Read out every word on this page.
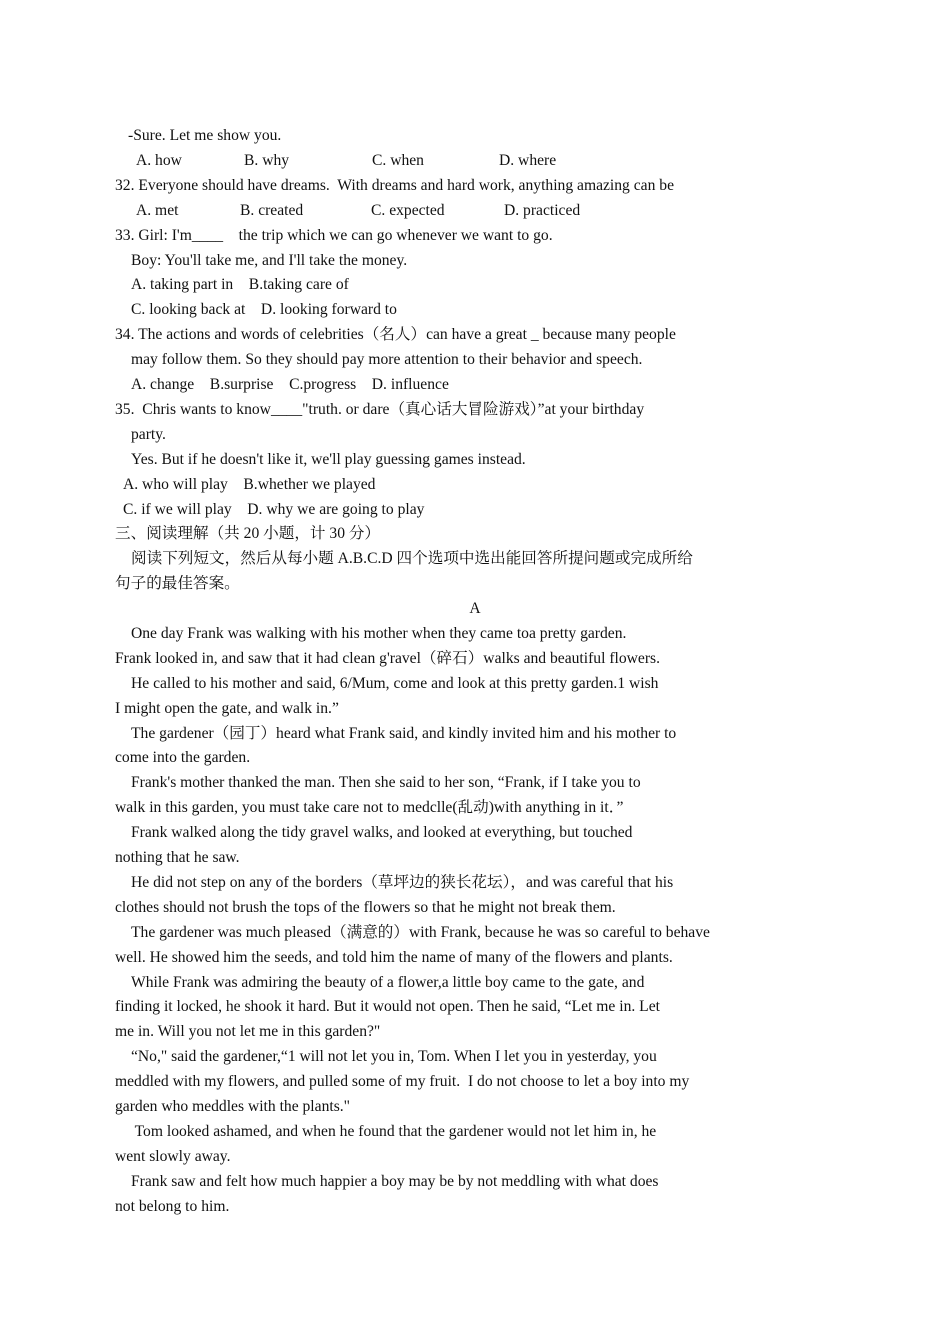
-Sure. Let me show you.
A. how	B. why	C. when	D. where
32. Everyone should have dreams.  With dreams and hard work, anything amazing can be
A. met	B. created	C. expected	D. practiced
33. Girl: I'm____    the trip which we can go whenever we want to go.
Boy: You'll take me, and I'll take the money.
A. taking part in    B.taking care of
C. looking back at    D. looking forward to
34. The actions and words of celebrities（名人）can have a great _ because many people
may follow them. So they should pay more attention to their behavior and speech.
A. change    B.surprise    C.progress    D. influence
35.  Chris wants to know____"truth. or dare（真心话大冒险游戏）”at your birthday
party.
Yes. But if he doesn't like it, we'll play guessing games instead.
A. who will play    B.whether we played
C. if we will play    D. why we are going to play
三、阅读理解（共 20 小题，计 30 分）
阅读下列短文，然后从每小题 A.B.C.D 四个选项中选出能回答所提问题或完成所给
句子的最佳答案。
A
One day Frank was walking with his mother when they came toa pretty garden.
Frank looked in, and saw that it had clean g'ravel（碎石）walks and beautiful flowers.
He called to his mother and said, 6/Mum, come and look at this pretty garden.1 wish
I might open the gate, and walk in.”
The gardener（园丁）heard what Frank said, and kindly invited him and his mother to
come into the garden.
Frank's mother thanked the man. Then she said to her son, “Frank, if I take you to
walk in this garden, you must take care not to medclle(乱动)with anything in it．”
Frank walked along the tidy gravel walks, and looked at everything, but touched
nothing that he saw.
He did not step on any of the borders（草坪边的狭长花坛），and was careful that his
clothes should not brush the tops of the flowers so that he might not break them.
The gardener was much pleased（满意的）with Frank, because he was so careful to behave
well. He showed him the seeds, and told him the name of many of the flowers and plants.
While Frank was admiring the beauty of a flower,a little boy came to the gate, and
finding it locked, he shook it hard. But it would not open. Then he said, “Let me in. Let
me in. Will you not let me in this garden?"
“No," said the gardener,“1 will not let you in, Tom. When I let you in yesterday, you
meddled with my flowers, and pulled some of my fruit.  I do not choose to let a boy into my
garden who meddles with the plants."
Tom looked ashamed, and when he found that the gardener would not let him in, he
went slowly away.
Frank saw and felt how much happier a boy may be by not meddling with what does
not belong to him.
